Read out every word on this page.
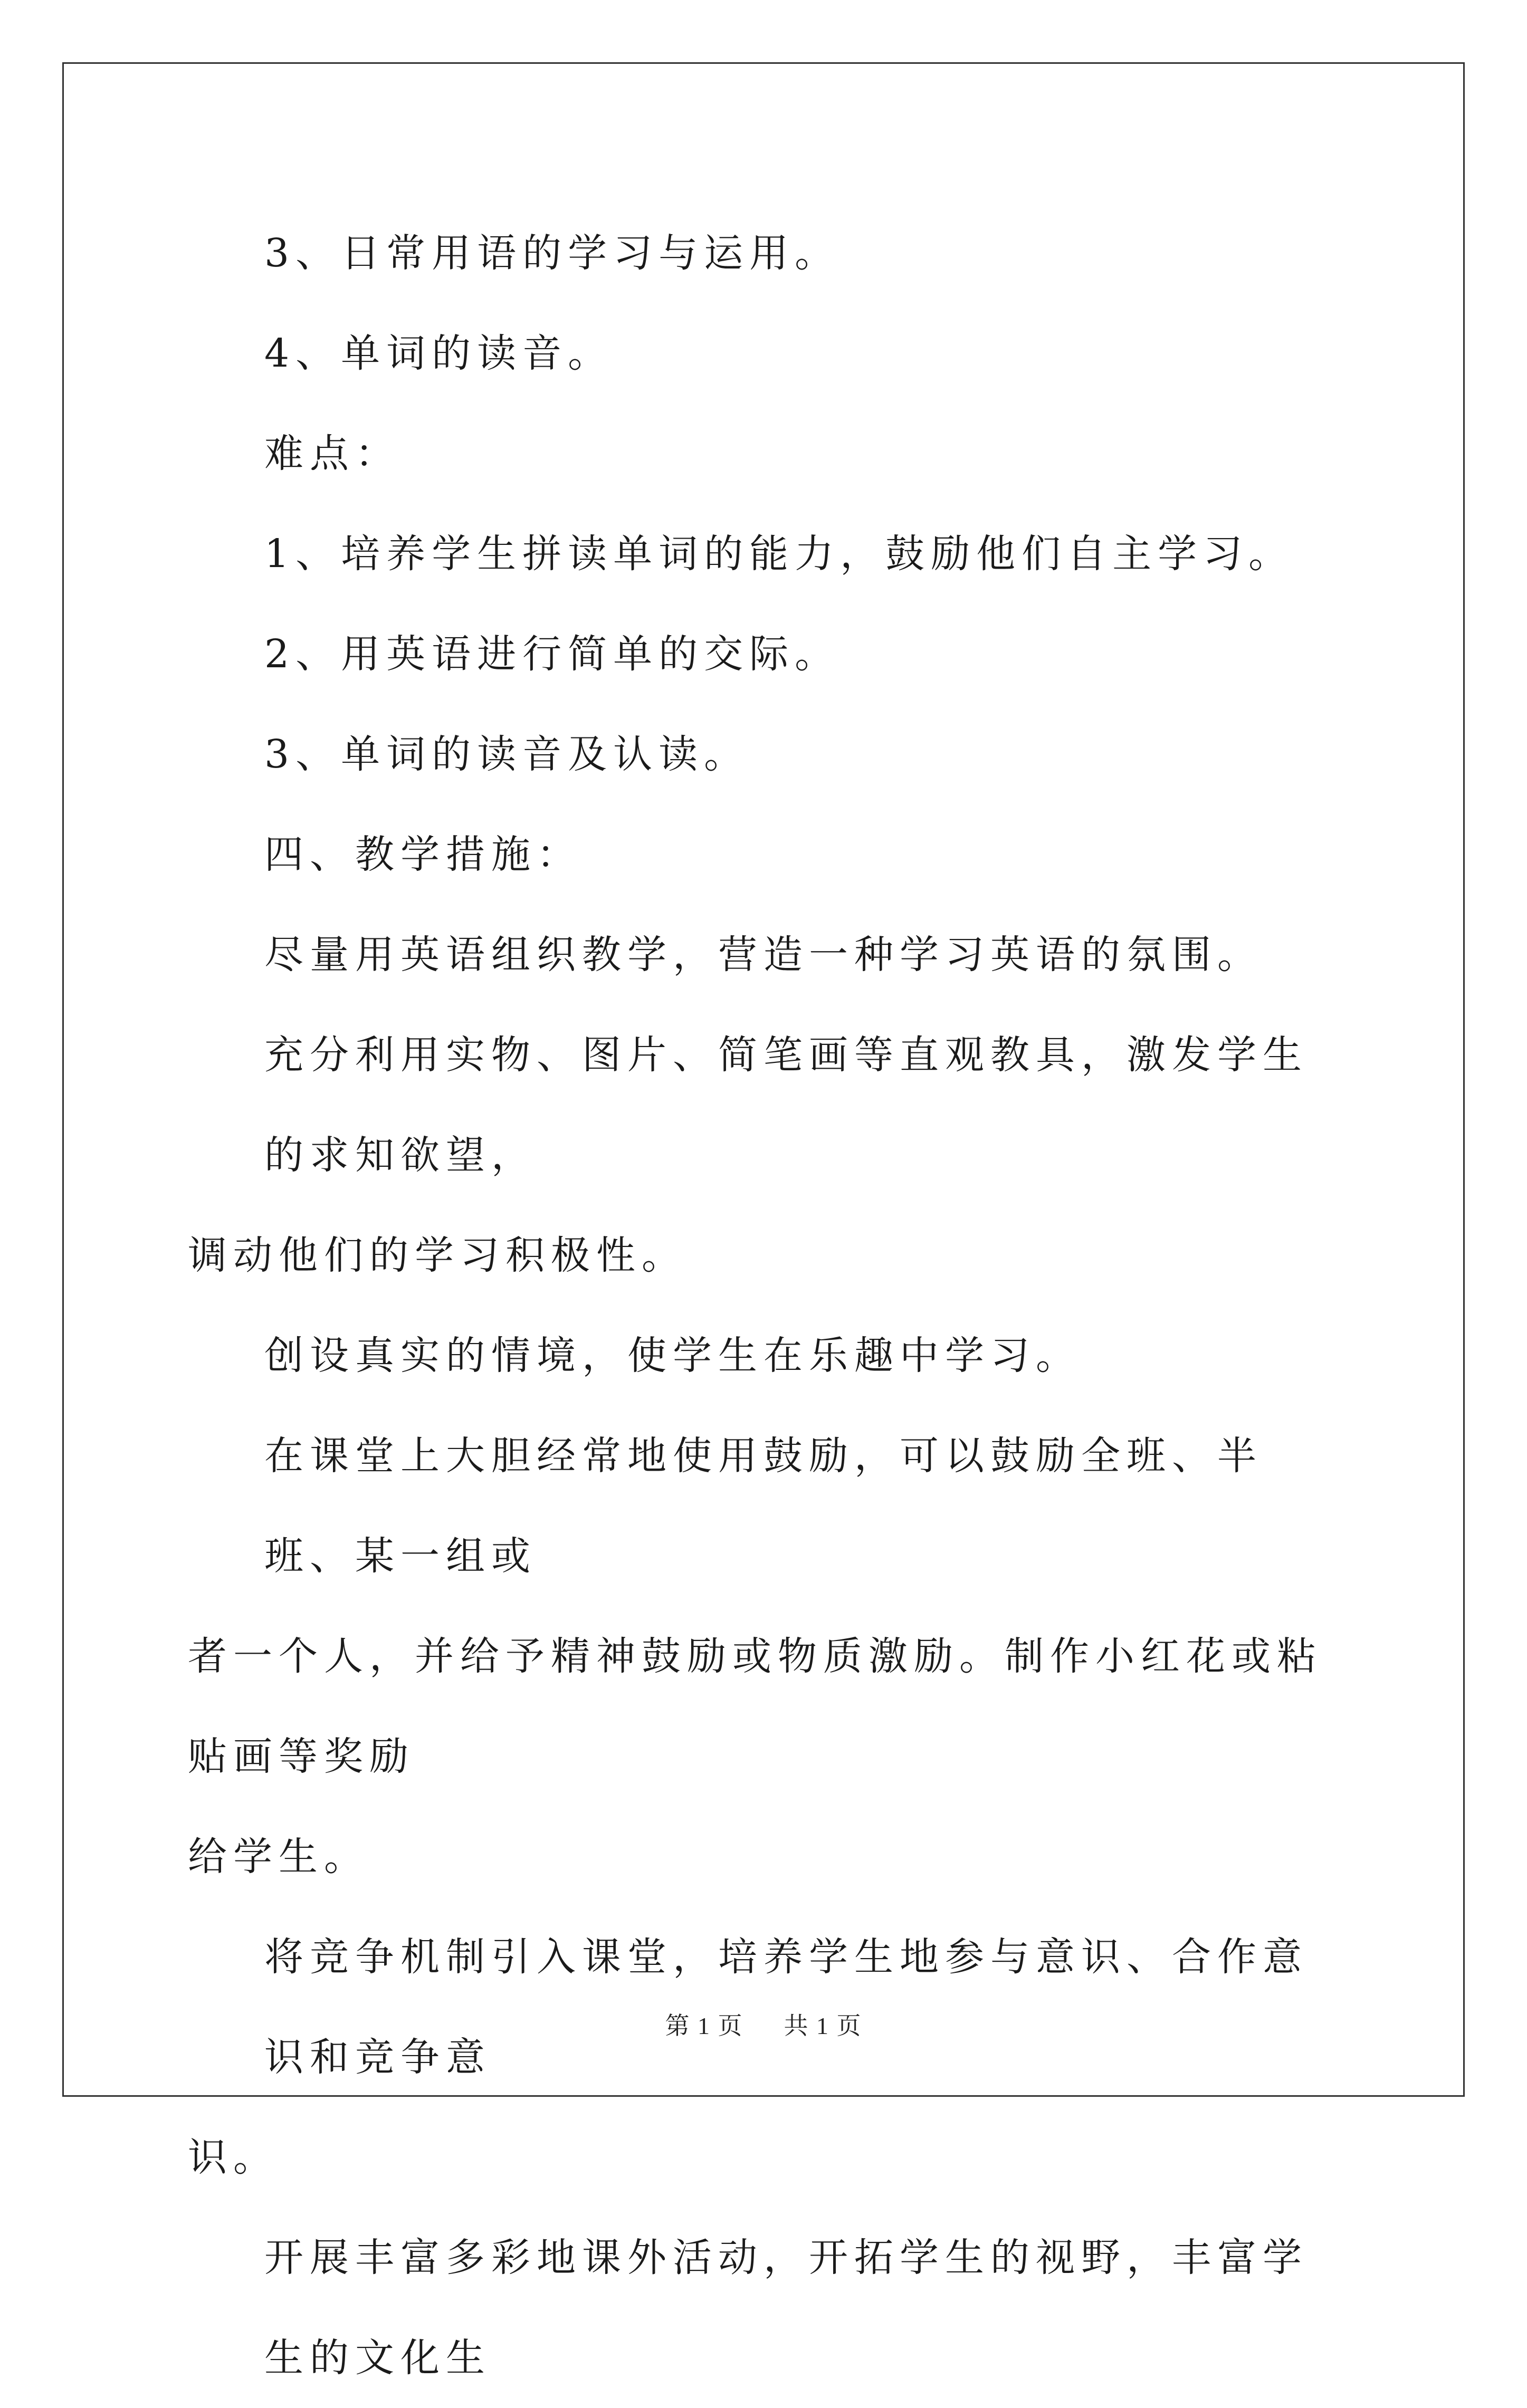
3、日常用语的学习与运用。
4、单词的读音。
难点：
1、培养学生拼读单词的能力，鼓励他们自主学习。
2、用英语进行简单的交际。
3、单词的读音及认读。
四、教学措施：
尽量用英语组织教学，营造一种学习英语的氛围。
充分利用实物、图片、简笔画等直观教具，激发学生的求知欲望，
调动他们的学习积极性。
创设真实的情境，使学生在乐趣中学习。
在课堂上大胆经常地使用鼓励，可以鼓励全班、半班、某一组或
者一个人，并给予精神鼓励或物质激励。制作小红花或粘贴画等奖励
给学生。
将竞争机制引入课堂，培养学生地参与意识、合作意识和竞争意
识。
开展丰富多彩地课外活动，开拓学生的视野，丰富学生的文化生
第 1 页 共 1 页
